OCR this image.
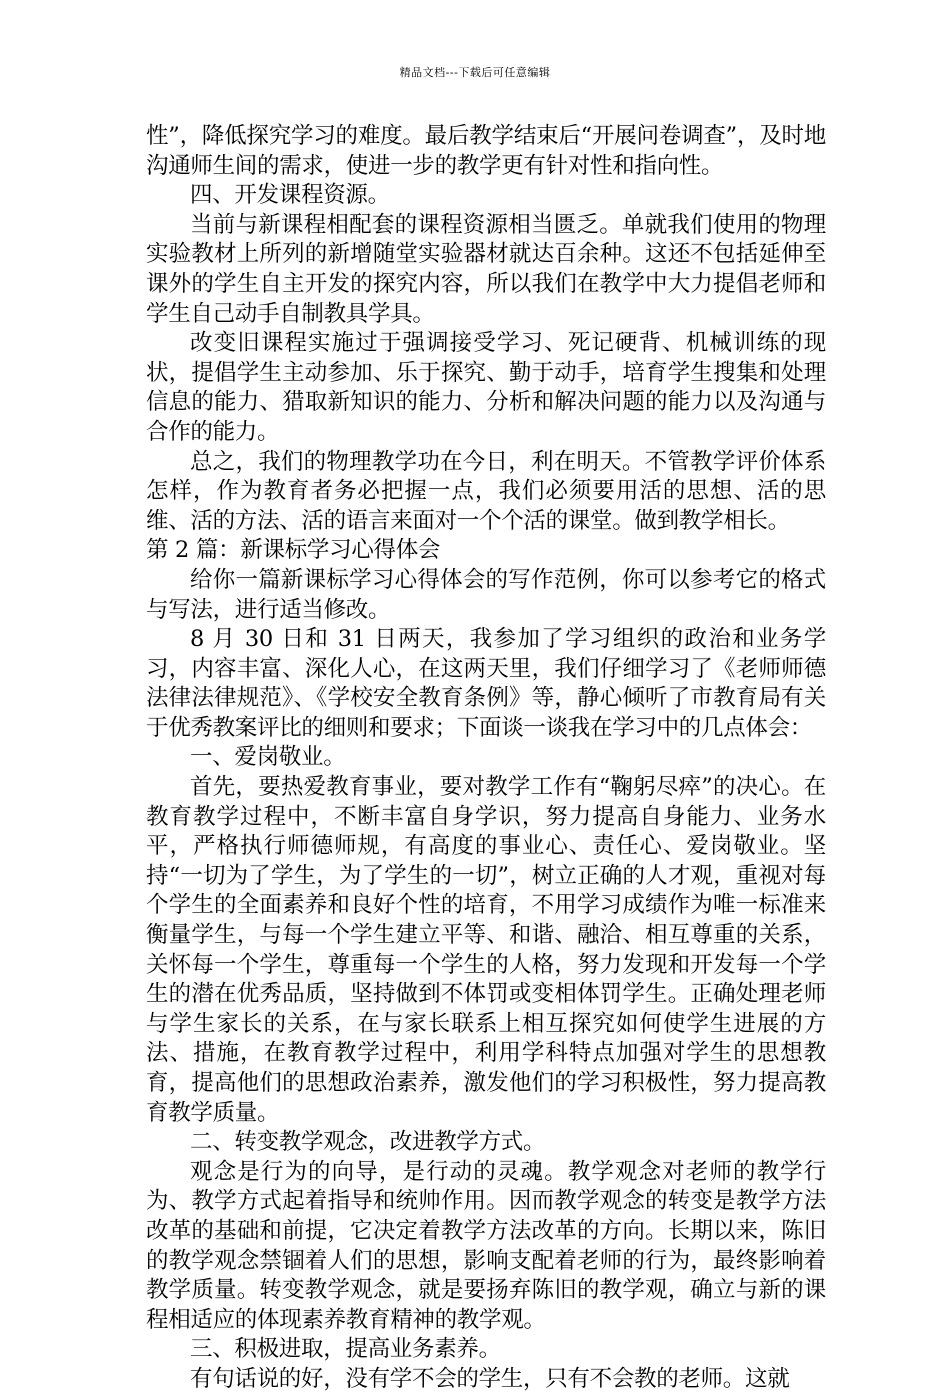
精品文档---下载后可任意编辑

性”，降低探究学习的难度。最后教学结束后“开展问卷调查”，及时地沟通师生间的需求，使进一步的教学更有针对性和指向性。

四、开发课程资源。

当前与新课程相配套的课程资源相当匮乏。单就我们使用的物理实验教材上所列的新增随堂实验器材就达百余种。这还不包括延伸至课外的学生自主开发的探究内容，所以我们在教学中大力提倡老师和学生自己动手自制教具学具。

改变旧课程实施过于强调接受学习、死记硬背、机械训练的现状，提倡学生主动参加、乐于探究、勤于动手，培育学生搜集和处理信息的能力、猎取新知识的能力、分析和解决问题的能力以及沟通与合作的能力。

总之，我们的物理教学功在今日，利在明天。不管教学评价体系怎样，作为教育者务必把握一点，我们必须要用活的思想、活的思维、活的方法、活的语言来面对一个个活的课堂。做到教学相长。

第 2 篇：新课标学习心得体会

给你一篇新课标学习心得体会的写作范例，你可以参考它的格式与写法，进行适当修改。

8 月 30 日和 31 日两天，我参加了学习组织的政治和业务学习，内容丰富、深化人心，在这两天里，我们仔细学习了《老师师德法律法律规范》、《学校安全教育条例》等，静心倾听了市教育局有关于优秀教案评比的细则和要求；下面谈一谈我在学习中的几点体会：

一、爱岗敬业。

首先，要热爱教育事业，要对教学工作有“鞠躬尽瘁”的决心。在教育教学过程中，不断丰富自身学识，努力提高自身能力、业务水平，严格执行师德师规，有高度的事业心、责任心、爱岗敬业。坚持“一切为了学生，为了学生的一切”，树立正确的人才观，重视对每个学生的全面素养和良好个性的培育，不用学习成绩作为唯一标准来衡量学生，与每一个学生建立平等、和谐、融洽、相互尊重的关系，关怀每一个学生，尊重每一个学生的人格，努力发现和开发每一个学生的潜在优秀品质，坚持做到不体罚或变相体罚学生。正确处理老师与学生家长的关系，在与家长联系上相互探究如何使学生进展的方法、措施，在教育教学过程中，利用学科特点加强对学生的思想教育，提高他们的思想政治素养，激发他们的学习积极性，努力提高教育教学质量。

二、转变教学观念，改进教学方式。

观念是行为的向导，是行动的灵魂。教学观念对老师的教学行为、教学方式起着指导和统帅作用。因而教学观念的转变是教学方法改革的基础和前提，它决定着教学方法改革的方向。长期以来，陈旧的教学观念禁锢着人们的思想，影响支配着老师的行为，最终影响着教学质量。转变教学观念，就是要扬弃陈旧的教学观，确立与新的课程相适应的体现素养教育精神的教学观。

三、积极进取，提高业务素养。

有句话说的好，没有学不会的学生，只有不会教的老师。这就
